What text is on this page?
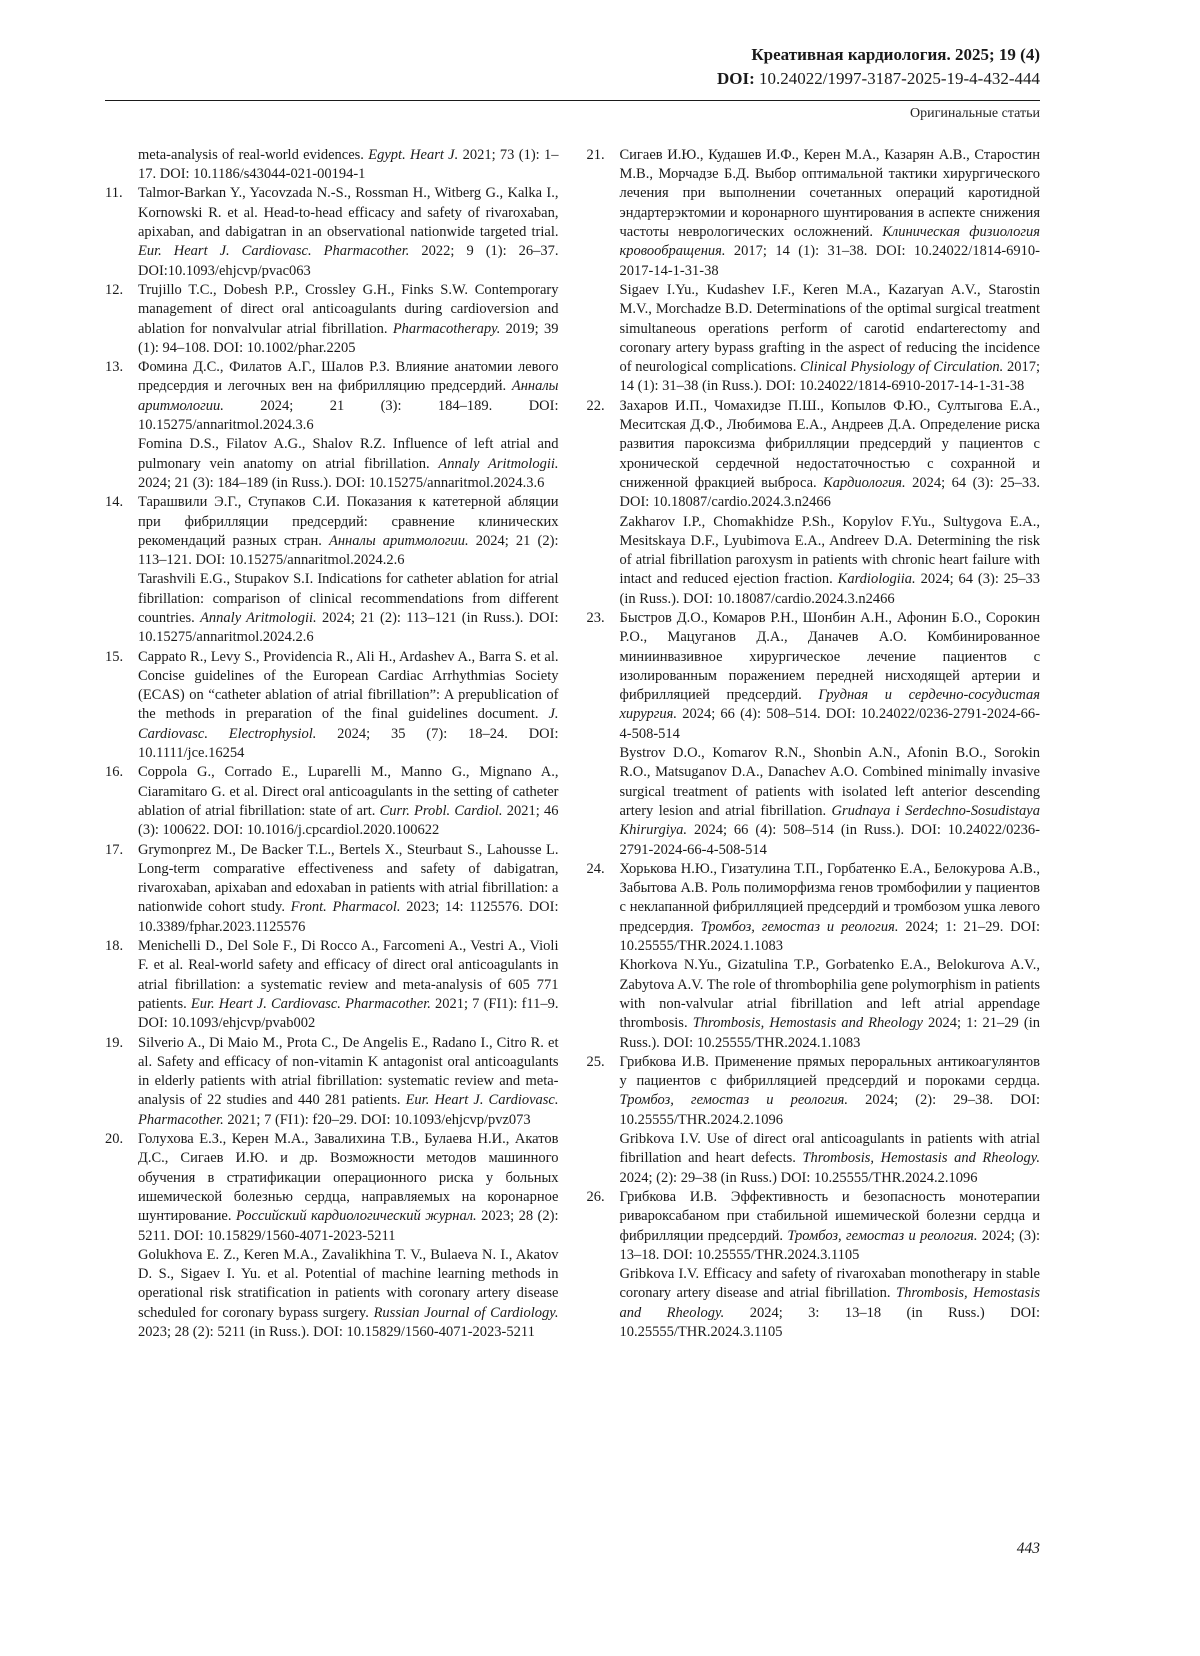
Креативная кардиология. 2025; 19 (4)
DOI: 10.24022/1997-3187-2025-19-4-432-444
Оригинальные статьи
meta-analysis of real-world evidences. Egypt. Heart J. 2021; 73 (1): 1–17. DOI: 10.1186/s43044-021-00194-1
11.	Talmor-Barkan Y., Yacovzada N.-S., Rossman H., Witberg G., Kalka I., Kornowski R. et al. Head-to-head efficacy and safety of rivaroxaban, apixaban, and dabigatran in an observational nationwide targeted trial. Eur. Heart J. Cardiovasc. Pharmacother. 2022; 9 (1): 26–37. DOI:10.1093/ehjcvp/pvac063
12.	Trujillo T.C., Dobesh P.P., Crossley G.H., Finks S.W. Contemporary management of direct oral anticoagulants during cardioversion and ablation for nonvalvular atrial fibrillation. Pharmacotherapy. 2019; 39 (1): 94–108. DOI: 10.1002/phar.2205
13.	Фомина Д.С., Филатов А.Г., Шалов Р.З. Влияние анатомии левого предсердия и легочных вен на фибрилляцию предсердий. Анналы аритмологии. 2024; 21 (3): 184–189. DOI: 10.15275/annaritmol.2024.3.6
Fomina D.S., Filatov A.G., Shalov R.Z. Influence of left atrial and pulmonary vein anatomy on atrial fibrillation. Annaly Aritmologii. 2024; 21 (3): 184–189 (in Russ.). DOI: 10.15275/annaritmol.2024.3.6
14.	Тарашвили Э.Г., Ступаков С.И. Показания к катетерной абляции при фибрилляции предсердий: сравнение клинических рекомендаций разных стран. Анналы аритмологии. 2024; 21 (2): 113–121. DOI: 10.15275/annaritmol.2024.2.6
Tarashvili E.G., Stupakov S.I. Indications for catheter ablation for atrial fibrillation: comparison of clinical recommendations from different countries. Annaly Aritmologii. 2024; 21 (2): 113–121 (in Russ.). DOI: 10.15275/annaritmol.2024.2.6
15.	Cappato R., Levy S., Providencia R., Ali H., Ardashev A., Barra S. et al. Concise guidelines of the European Cardiac Arrhythmias Society (ECAS) on “catheter ablation of atrial fibrillation”: A prepublication of the methods in preparation of the final guidelines document. J. Cardiovasc. Electrophysiol. 2024; 35 (7): 18–24. DOI: 10.1111/jce.16254
16.	Coppola G., Corrado E., Luparelli M., Manno G., Mignano A., Ciaramitaro G. et al. Direct oral anticoagulants in the setting of catheter ablation of atrial fibrillation: state of art. Curr. Probl. Cardiol. 2021; 46 (3): 100622. DOI: 10.1016/j.cpcardiol.2020.100622
17.	Grymonprez M., De Backer T.L., Bertels X., Steurbaut S., Lahousse L. Long-term comparative effectiveness and safety of dabigatran, rivaroxaban, apixaban and edoxaban in patients with atrial fibrillation: a nationwide cohort study. Front. Pharmacol. 2023; 14: 1125576. DOI: 10.3389/fphar.2023.1125576
18.	Menichelli D., Del Sole F., Di Rocco A., Farcomeni A., Vestri A., Violi F. et al. Real-world safety and efficacy of direct oral anticoagulants in atrial fibrillation: a systematic review and meta-analysis of 605 771 patients. Eur. Heart J. Cardiovasc. Pharmacother. 2021; 7 (FI1): f11–9. DOI: 10.1093/ehjcvp/pvab002
19.	Silverio A., Di Maio M., Prota C., De Angelis E., Radano I., Citro R. et al. Safety and efficacy of non-vitamin K antagonist oral anticoagulants in elderly patients with atrial fibrillation: systematic review and meta-analysis of 22 studies and 440 281 patients. Eur. Heart J. Cardiovasc. Pharmacother. 2021; 7 (FI1): f20–29. DOI: 10.1093/ehjcvp/pvz073
20.	Голухова Е.З., Керен М.А., Завалихина Т.В., Булаева Н.И., Акатов Д.С., Сигаев И.Ю. и др. Возможности методов машинного обучения в стратификации операционного риска у больных ишемической болезнью сердца, направляемых на коронарное шунтирование. Российский кардиологический журнал. 2023; 28 (2): 5211. DOI: 10.15829/1560-4071-2023-5211
Golukhova E. Z., Keren M.A., Zavalikhina T. V., Bulaeva N. I., Akatov D. S., Sigaev I. Yu. et al. Potential of machine learning methods in operational risk stratification in patients with coronary artery disease scheduled for coronary bypass surgery. Russian Journal of Cardiology. 2023; 28 (2): 5211 (in Russ.). DOI: 10.15829/1560-4071-2023-5211
21.	Сигаев И.Ю., Кудашев И.Ф., Керен М.А., Казарян А.В., Старостин М.В., Морчадзе Б.Д. Выбор оптимальной тактики хирургического лечения при выполнении сочетанных операций каротидной эндартерэктомии и коронарного шунтирования в аспекте снижения частоты неврологических осложнений. Клиническая физиология кровообращения. 2017; 14 (1): 31–38. DOI: 10.24022/1814-6910- 2017-14-1-31-38
Sigaev I.Yu., Kudashev I.F., Keren M.A., Kazaryan A.V., Starostin M.V., Morchadze B.D. Determinations of the optimal surgical treatment simultaneous operations perform of carotid endarterectomy and coronary artery bypass grafting in the aspect of reducing the incidence of neurological complications. Clinical Physiology of Circulation. 2017; 14 (1): 31–38 (in Russ.). DOI: 10.24022/1814-6910-2017-14-1-31-38
22.	Захаров И.П., Чомахидзе П.Ш., Копылов Ф.Ю., Султыгова Е.А., Меситская Д.Ф., Любимова Е.А., Андреев Д.А. Определение риска развития пароксизма фибрилляции предсердий у пациентов с хронической сердечной недостаточностью с сохранной и сниженной фракцией выброса. Кардиология. 2024; 64 (3): 25–33. DOI: 10.18087/cardio.2024.3.n2466
Zakharov I.P., Chomakhidze P.Sh., Kopylov F.Yu., Sultygova E.A., Mesitskaya D.F., Lyubimova E.A., Andreev D.A. Determining the risk of atrial fibrillation paroxysm in patients with chronic heart failure with intact and reduced ejection fraction. Kardiologiia. 2024; 64 (3): 25–33 (in Russ.). DOI: 10.18087/cardio.2024.3.n2466
23.	Быстров Д.О., Комаров Р.Н., Шонбин А.Н., Афонин Б.О., Сорокин Р.О., Мацуганов Д.А., Даначев А.О. Комбинированное миниинвазивное хирургическое лечение пациентов с изолированным поражением передней нисходящей артерии и фибрилляцией предсердий. Грудная и сердечно-сосудистая хирургия. 2024; 66 (4): 508–514. DOI: 10.24022/0236-2791-2024-66-4-508-514
Bystrov D.O., Komarov R.N., Shonbin A.N., Afonin B.O., Sorokin R.O., Matsuganov D.A., Danachev A.O. Combined minimally invasive surgical treatment of patients with isolated left anterior descending artery lesion and atrial fibrillation. Grudnaya i Serdechno-Sosudistaya Khirurgiya. 2024; 66 (4): 508–514 (in Russ.). DOI: 10.24022/0236-2791-2024-66-4-508-514
24.	Хорькова Н.Ю., Гизатулина Т.П., Горбатенко Е.А., Белокурова А.В., Забытова А.В. Роль полиморфизма генов тромбофилии у пациентов с неклапанной фибрилляцией предсердий и тромбозом ушка левого предсердия. Тромбоз, гемостаз и реология. 2024; 1: 21–29. DOI: 10.25555/THR.2024.1.1083
Khorkova N.Yu., Gizatulina T.P., Gorbatenko E.A., Belokurova A.V., Zabytova A.V. The role of thrombophilia gene polymorphism in patients with non-valvular atrial fibrillation and left atrial appendage thrombosis. Thrombosis, Hemostasis and Rheology 2024; 1: 21–29 (in Russ.). DOI: 10.25555/THR.2024.1.1083
25.	Грибкова И.В. Применение прямых пероральных антикоагулянтов у пациентов с фибрилляцией предсердий и пороками сердца. Тромбоз, гемостаз и реология. 2024; (2): 29–38. DOI: 10.25555/THR.2024.2.1096
Gribkova I.V. Use of direct oral anticoagulants in patients with atrial fibrillation and heart defects. Thrombosis, Hemostasis and Rheology. 2024; (2): 29–38 (in Russ.) DOI: 10.25555/THR.2024.2.1096
26.	Грибкова И.В. Эффективность и безопасность монотерапии ривароксабаном при стабильной ишемической болезни сердца и фибрилляции предсердий. Тромбоз, гемостаз и реология. 2024; (3): 13–18. DOI: 10.25555/THR.2024.3.1105
Gribkova I.V. Efficacy and safety of rivaroxaban monotherapy in stable coronary artery disease and atrial fibrillation. Thrombosis, Hemostasis and Rheology. 2024; 3: 13–18 (in Russ.) DOI: 10.25555/THR.2024.3.1105
443
